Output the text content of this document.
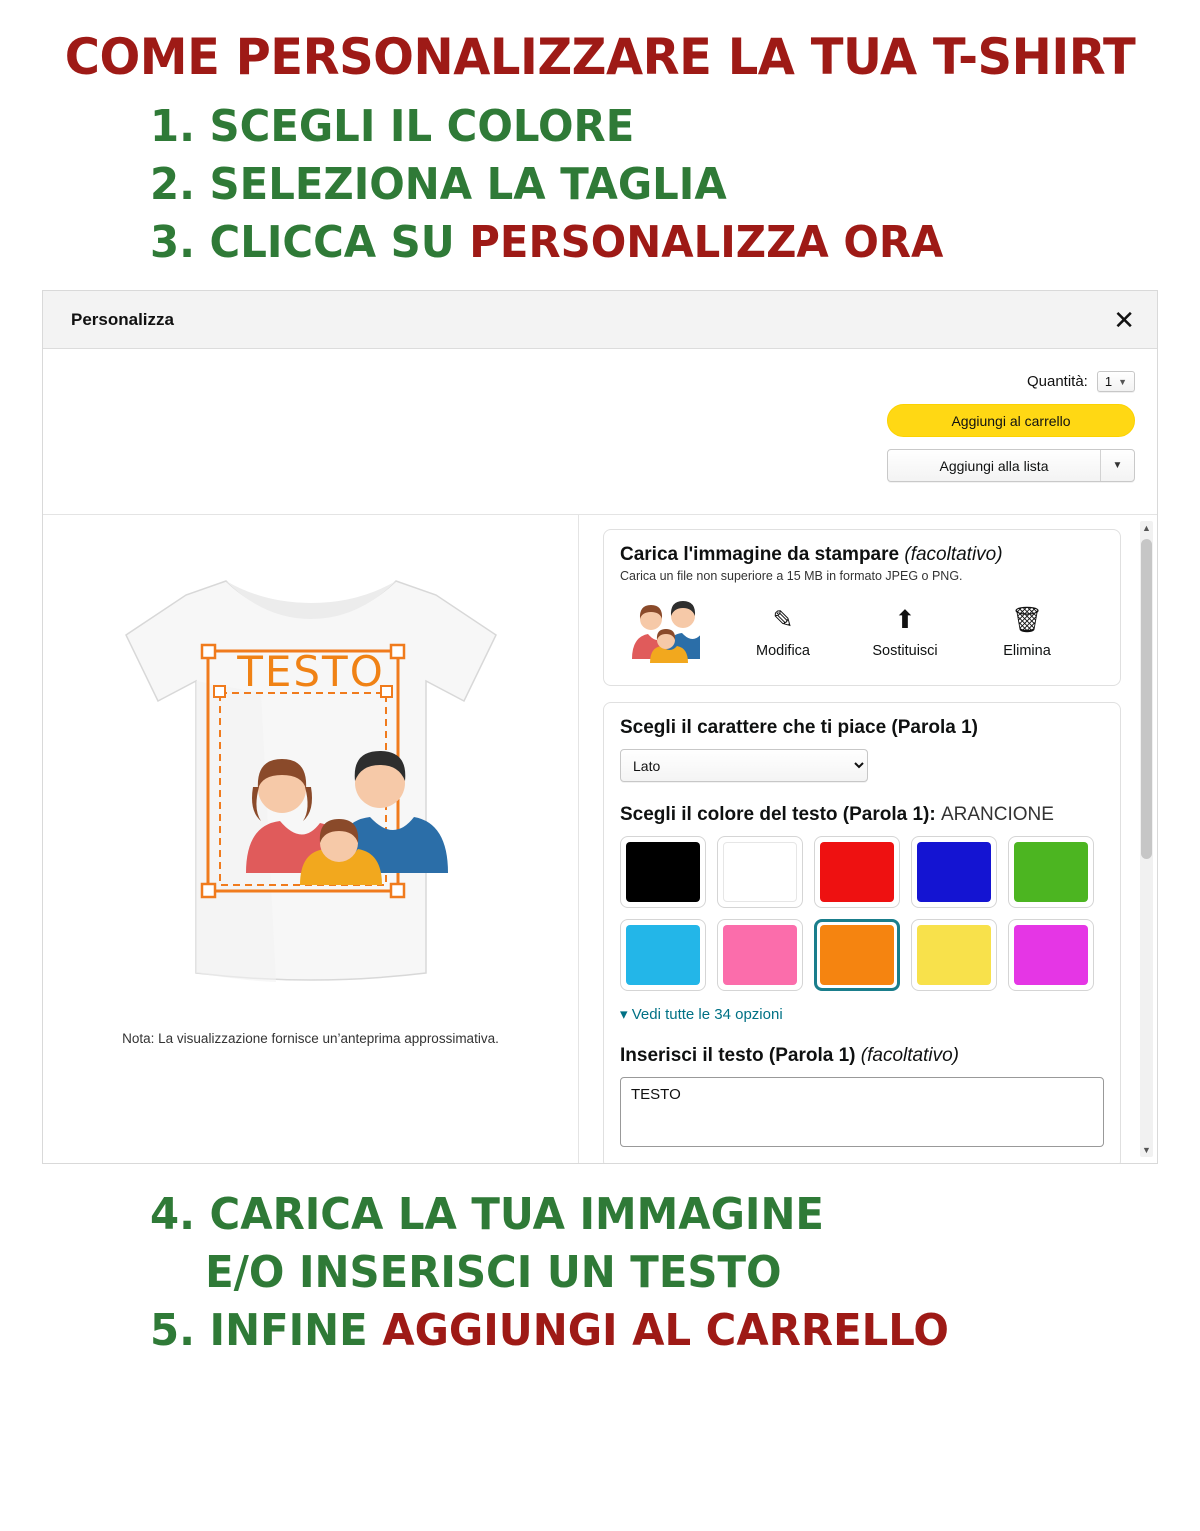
COME PERSONALIZZARE LA TUA T-SHIRT
1. SCEGLI IL COLORE
2. SELEZIONA LA TAGLIA
3. CLICCA SU PERSONALIZZA ORA
Personalizza	✕
Quantità: 1 ▼
Aggiungi al carrello
Aggiungi alla lista	▼
TESTO
Nota: La visualizzazione fornisce un’anteprima approssimativa.
▲
▼
Carica l'immagine da stampare (facoltativo)

Carica un file non superiore a 15 MB in formato JPEG o PNG.

✎
Modifica
⬆
Sostituisci
🗑
Elimina

Scegli il carattere che ti piace (Parola 1)

Lato

Scegli il colore del testo (Parola 1): ARANCIONE

▾ Vedi tutte le 34 opzioni

Inserisci il testo (Parola 1) (facoltativo)

TESTO
4. CARICA LA TUA IMMAGINE
E/O INSERISCI UN TESTO
5. INFINE AGGIUNGI AL CARRELLO
